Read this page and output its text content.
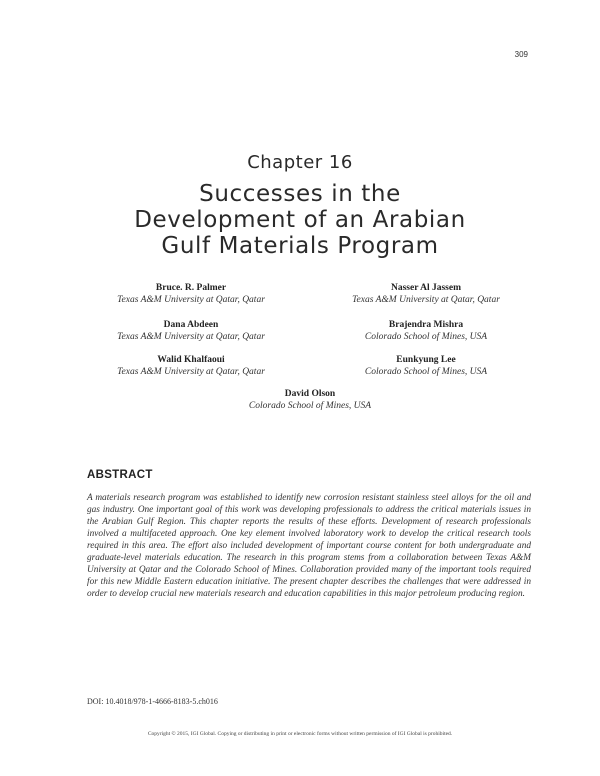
309
Chapter 16
Successes in the
Development of an Arabian
Gulf Materials Program
Bruce. R. Palmer
Texas A&M University at Qatar, Qatar
Nasser Al Jassem
Texas A&M University at Qatar, Qatar
Dana Abdeen
Texas A&M University at Qatar, Qatar
Brajendra Mishra
Colorado School of Mines, USA
Walid Khalfaoui
Texas A&M University at Qatar, Qatar
Eunkyung Lee
Colorado School of Mines, USA
David Olson
Colorado School of Mines, USA
ABSTRACT
A materials research program was established to identify new corrosion resistant stainless steel alloys for the oil and gas industry. One important goal of this work was developing professionals to address the critical materials issues in the Arabian Gulf Region. This chapter reports the results of these efforts. Development of research professionals involved a multifaceted approach. One key element involved laboratory work to develop the critical research tools required in this area. The effort also included development of important course content for both undergraduate and graduate-level materials education. The research in this program stems from a collaboration between Texas A&M University at Qatar and the Colorado School of Mines. Collaboration provided many of the important tools required for this new Middle Eastern education initiative. The present chapter describes the challenges that were addressed in order to develop crucial new materials research and education capabilities in this major petroleum producing region.
DOI: 10.4018/978-1-4666-8183-5.ch016
Copyright © 2015, IGI Global. Copying or distributing in print or electronic forms without written permission of IGI Global is prohibited.
